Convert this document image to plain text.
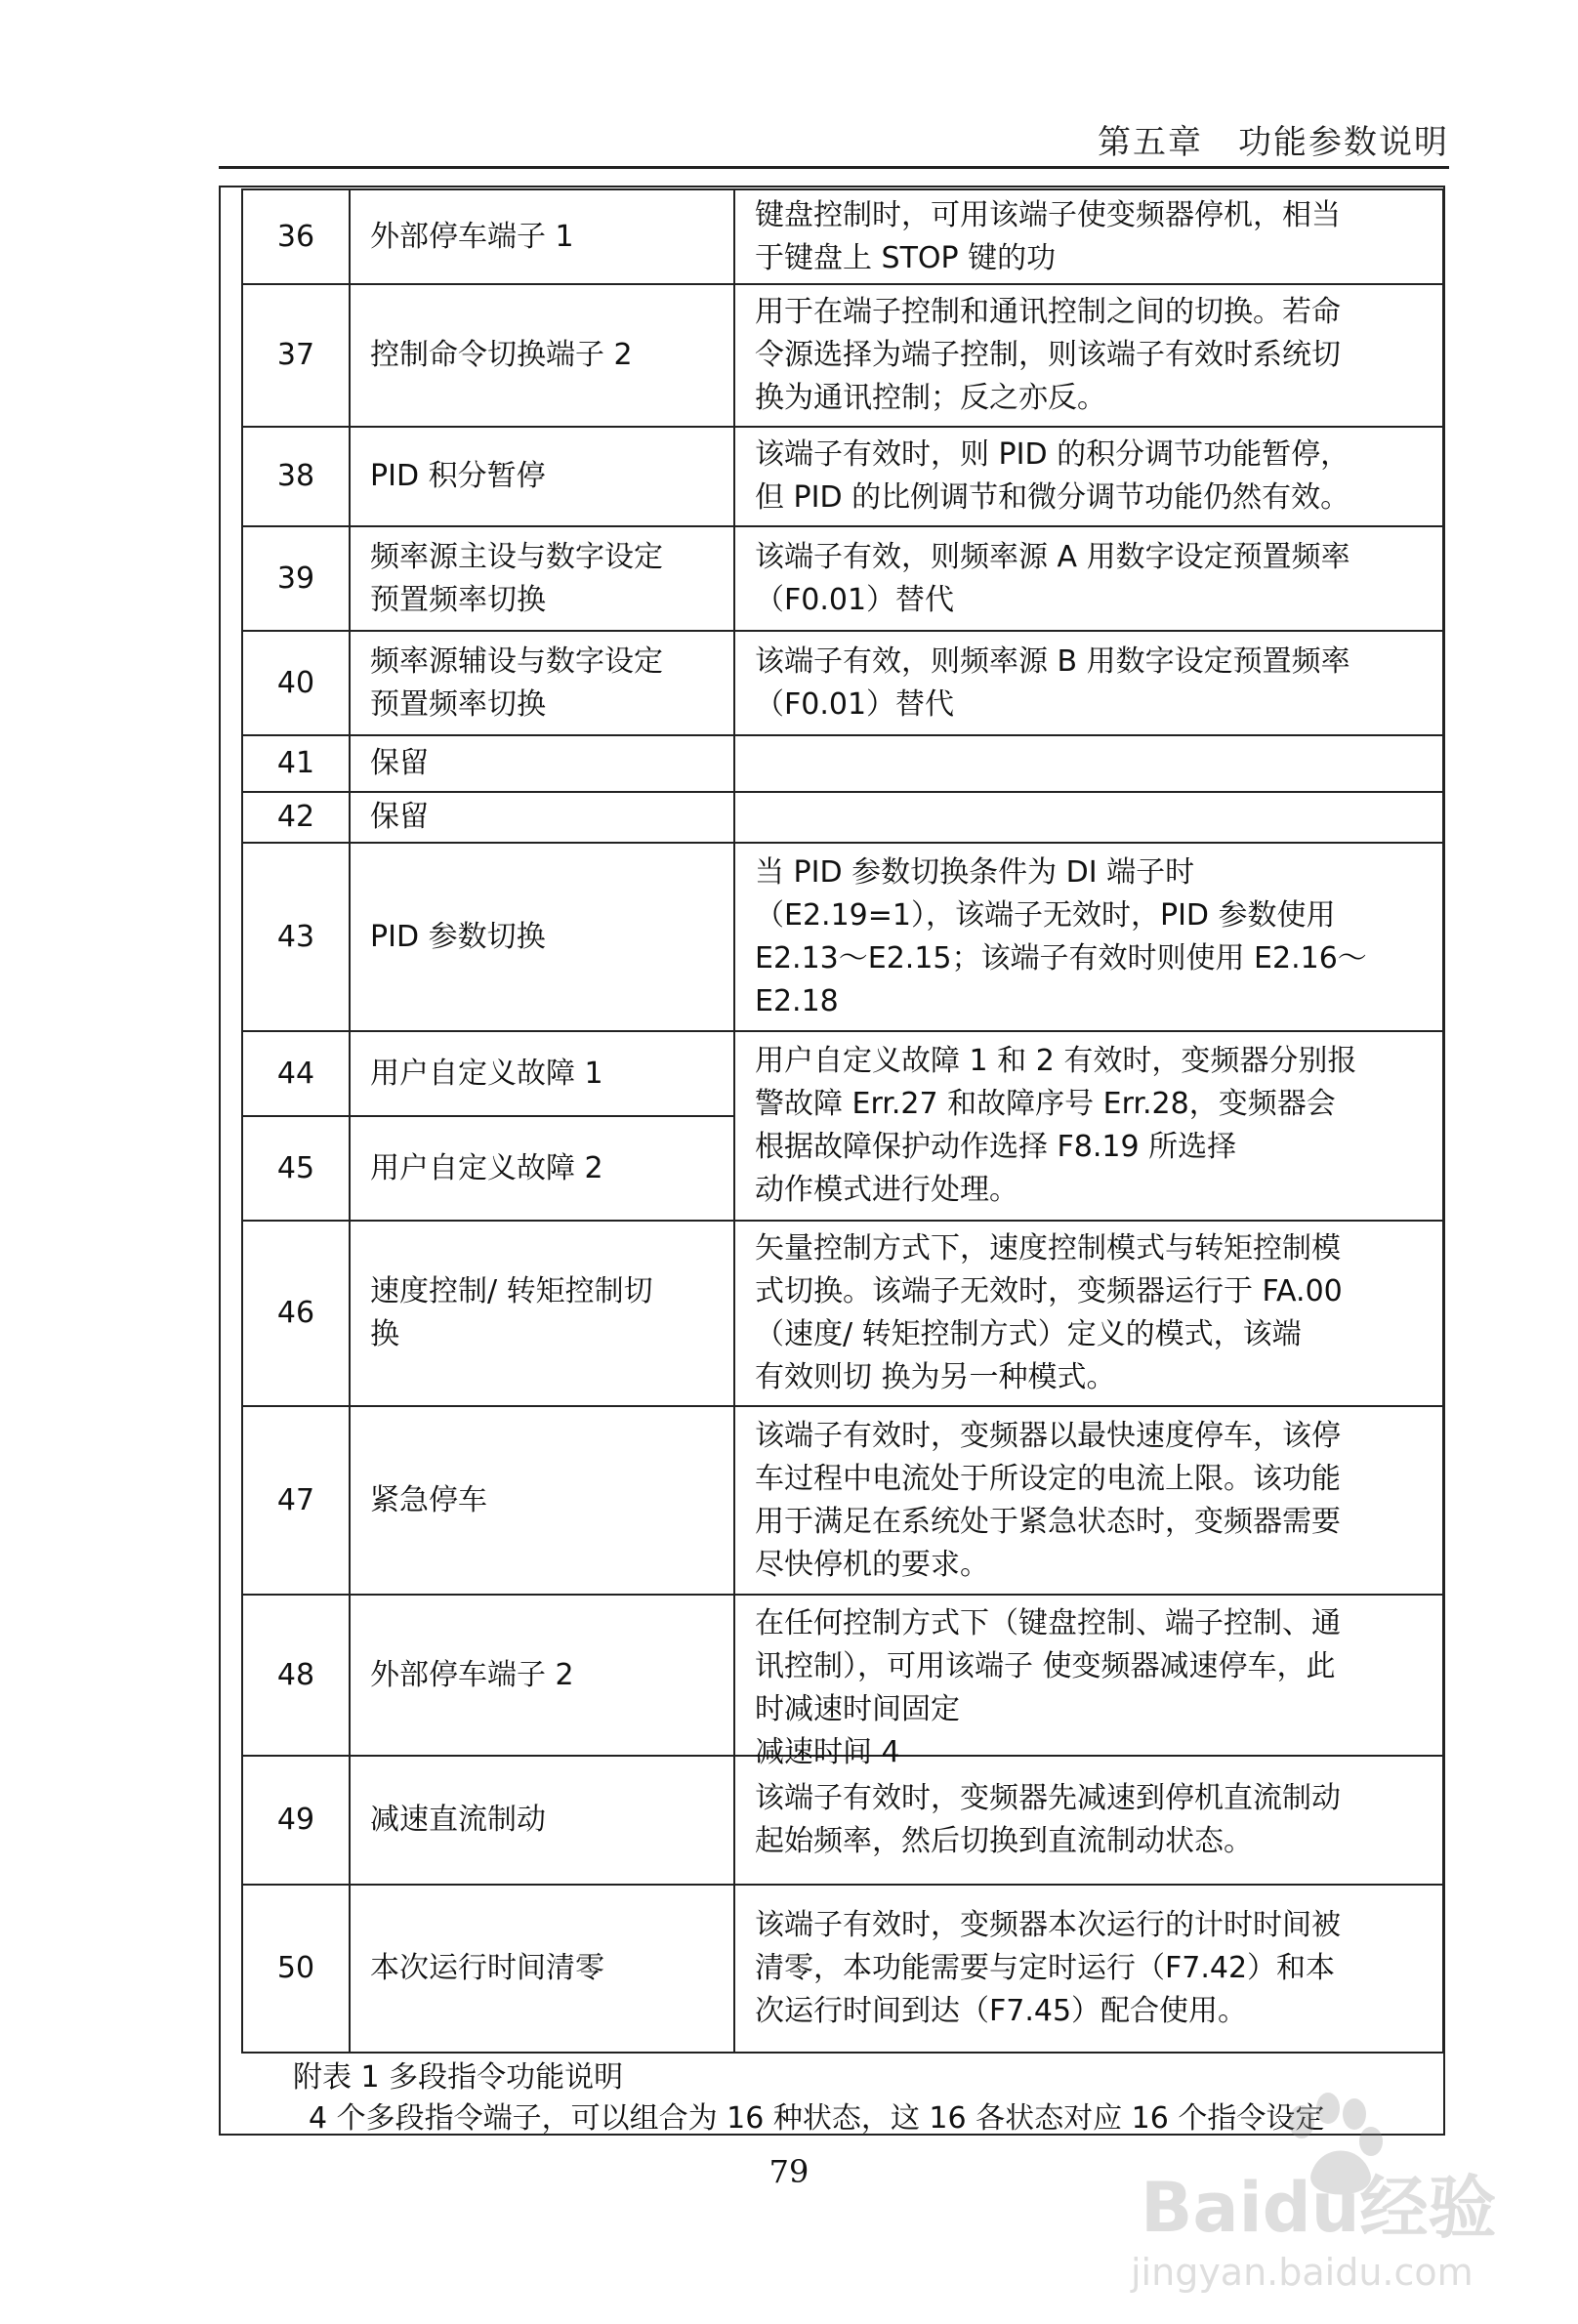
第五章　功能参数说明
36	外部停车端子 1	键盘控制时，可用该端子使变频器停机，相当
于键盘上 STOP 键的功
37	控制命令切换端子 2	用于在端子控制和通讯控制之间的切换。若命
令源选择为端子控制，则该端子有效时系统切
换为通讯控制；反之亦反。
38	PID 积分暂停	该端子有效时，则 PID 的积分调节功能暂停，
但 PID 的比例调节和微分调节功能仍然有效。
39	频率源主设与数字设定
预置频率切换	该端子有效，则频率源 A 用数字设定预置频率
（F0.01）替代
40	频率源辅设与数字设定
预置频率切换	该端子有效，则频率源 B 用数字设定预置频率
（F0.01）替代
41	保留	
42	保留	
43	PID 参数切换	当 PID 参数切换条件为 DI 端子时
（E2.19=1），该端子无效时，PID 参数使用
E2.13～E2.15；该端子有效时则使用 E2.16～
E2.18
44	用户自定义故障 1	用户自定义故障 1 和 2 有效时，变频器分别报
警故障 Err.27 和故障序号 Err.28，变频器会
根据故障保护动作选择 F8.19 所选择
动作模式进行处理。
45	用户自定义故障 2	
46	速度控制/ 转矩控制切
换	矢量控制方式下，速度控制模式与转矩控制模
式切换。该端子无效时，变频器运行于 FA.00
（速度/ 转矩控制方式）定义的模式，该端
有效则切 换为另一种模式。
47	紧急停车	该端子有效时，变频器以最快速度停车，该停
车过程中电流处于所设定的电流上限。该功能
用于满足在系统处于紧急状态时，变频器需要
尽快停机的要求。
48	外部停车端子 2	在任何控制方式下（键盘控制、端子控制、通
讯控制），可用该端子 使变频器减速停车，此
时减速时间固定
减速时间 4

49	减速直流制动	该端子有效时，变频器先减速到停机直流制动
起始频率，然后切换到直流制动状态。
50	本次运行时间清零	该端子有效时，变频器本次运行的计时时间被
清零，本功能需要与定时运行（F7.42）和本
次运行时间到达（F7.45）配合使用。
附表 1 多段指令功能说明
4 个多段指令端子，可以组合为 16 种状态，这 16 各状态对应 16 个指令设定
79	Baidu经验
jingyan.baidu.com
